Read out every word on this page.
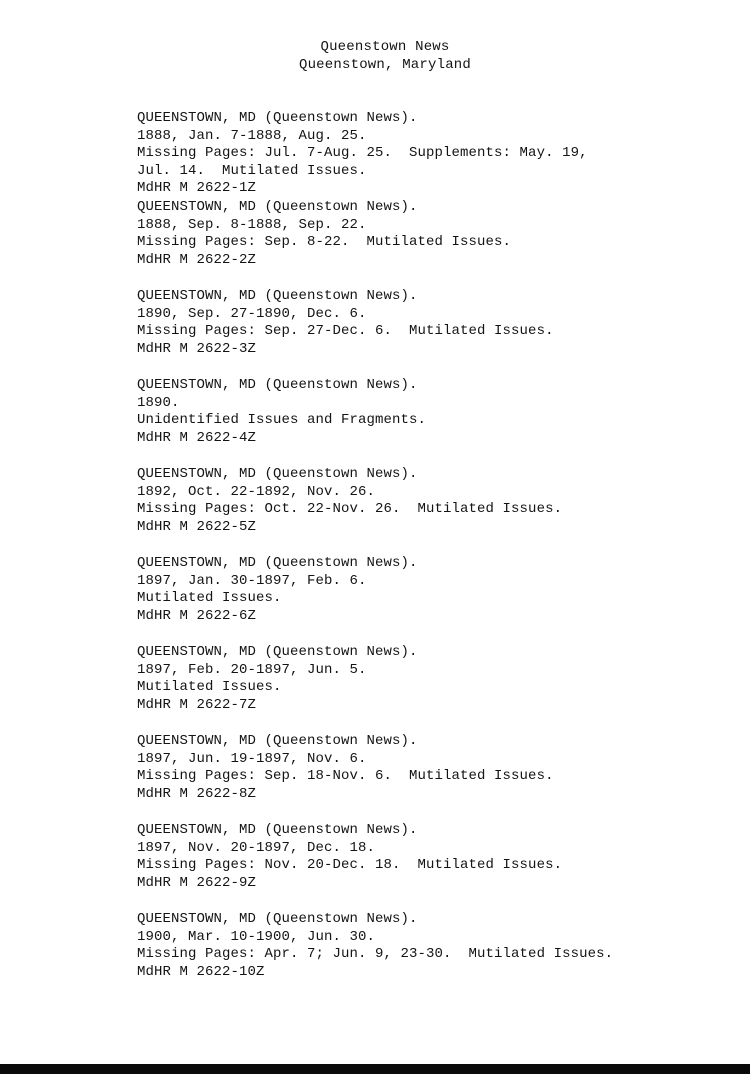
Queenstown News
Queenstown, Maryland
QUEENSTOWN, MD (Queenstown News).
1888, Jan. 7-1888, Aug. 25.
Missing Pages: Jul. 7-Aug. 25.  Supplements: May. 19,
Jul. 14.  Mutilated Issues.
MdHR M 2622-1Z
QUEENSTOWN, MD (Queenstown News).
1888, Sep. 8-1888, Sep. 22.
Missing Pages: Sep. 8-22.  Mutilated Issues.
MdHR M 2622-2Z
QUEENSTOWN, MD (Queenstown News).
1890, Sep. 27-1890, Dec. 6.
Missing Pages: Sep. 27-Dec. 6.  Mutilated Issues.
MdHR M 2622-3Z
QUEENSTOWN, MD (Queenstown News).
1890.
Unidentified Issues and Fragments.
MdHR M 2622-4Z
QUEENSTOWN, MD (Queenstown News).
1892, Oct. 22-1892, Nov. 26.
Missing Pages: Oct. 22-Nov. 26.  Mutilated Issues.
MdHR M 2622-5Z
QUEENSTOWN, MD (Queenstown News).
1897, Jan. 30-1897, Feb. 6.
Mutilated Issues.
MdHR M 2622-6Z
QUEENSTOWN, MD (Queenstown News).
1897, Feb. 20-1897, Jun. 5.
Mutilated Issues.
MdHR M 2622-7Z
QUEENSTOWN, MD (Queenstown News).
1897, Jun. 19-1897, Nov. 6.
Missing Pages: Sep. 18-Nov. 6.  Mutilated Issues.
MdHR M 2622-8Z
QUEENSTOWN, MD (Queenstown News).
1897, Nov. 20-1897, Dec. 18.
Missing Pages: Nov. 20-Dec. 18.  Mutilated Issues.
MdHR M 2622-9Z
QUEENSTOWN, MD (Queenstown News).
1900, Mar. 10-1900, Jun. 30.
Missing Pages: Apr. 7; Jun. 9, 23-30.  Mutilated Issues.
MdHR M 2622-10Z
